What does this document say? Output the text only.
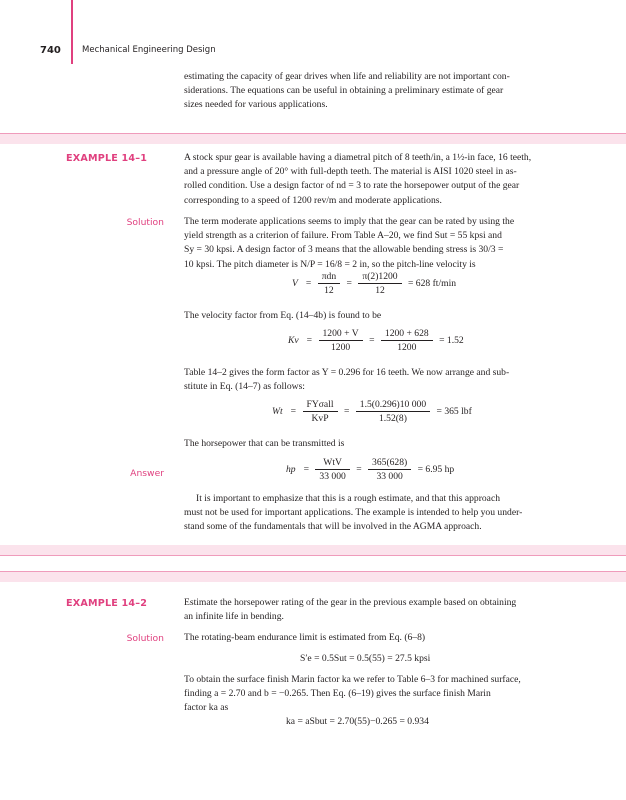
740 Mechanical Engineering Design
estimating the capacity of gear drives when life and reliability are not important con-
siderations. The equations can be useful in obtaining a preliminary estimate of gear
sizes needed for various applications.
EXAMPLE 14–1	A stock spur gear is available having a diametral pitch of 8 teeth/in, a 1½-in face, 16 teeth,
and a pressure angle of 20° with full-depth teeth. The material is AISI 1020 steel in as-
rolled condition. Use a design factor of nd = 3 to rate the horsepower output of the gear
corresponding to a speed of 1200 rev/m and moderate applications.
Solution The term moderate applications seems to imply that the gear can be rated by using the
yield strength as a criterion of failure. From Table A–20, we find Sut = 55 kpsi and
Sy = 30 kpsi. A design factor of 3 means that the allowable bending stress is 30/3 =
10 kpsi. The pitch diameter is N/P = 16/8 = 2 in, so the pitch-line velocity is
$V = \frac{\text{πdn}}{12} = \frac{\pi(2)1200}{12} = 628$ ft/min
The velocity factor from Eq. (14–4b) is found to be
$Kv = \frac{1200 + V}{1200} = \frac{1200 + 628}{1200} = 1.52$
Table 14–2 gives the form factor as Y = 0.296 for 16 teeth. We now arrange and sub-
stitute in Eq. (14–7) as follows:
$Wt = \frac{\text{FYσall}}{\text{KvP}} = \frac{1.5(0.296)10 000}{1.52(8)} = 365$ lbf
The horsepower that can be transmitted is
Answer	hp = $\frac{\text{WtV}}{33 000} = \frac{365(628)}{33 000} = 6.95$ hp
It is important to emphasize that this is a rough estimate, and that this approach
must not be used for important applications. The example is intended to help you under-
stand some of the fundamentals that will be involved in the AGMA approach.
EXAMPLE 14–2	Estimate the horsepower rating of the gear in the previous example based on obtaining
an infinite life in bending.
Solution The rotating-beam endurance limit is estimated from Eq. (6–8)
S′e = 0.5Sut = 0.5(55) = 27.5 kpsi
To obtain the surface finish Marin factor ka we refer to Table 6–3 for machined surface,
finding a = 2.70 and b = −0.265. Then Eq. (6–19) gives the surface finish Marin
factor ka as
ka = aSbut = 2.70(55)−0.265 = 0.934
